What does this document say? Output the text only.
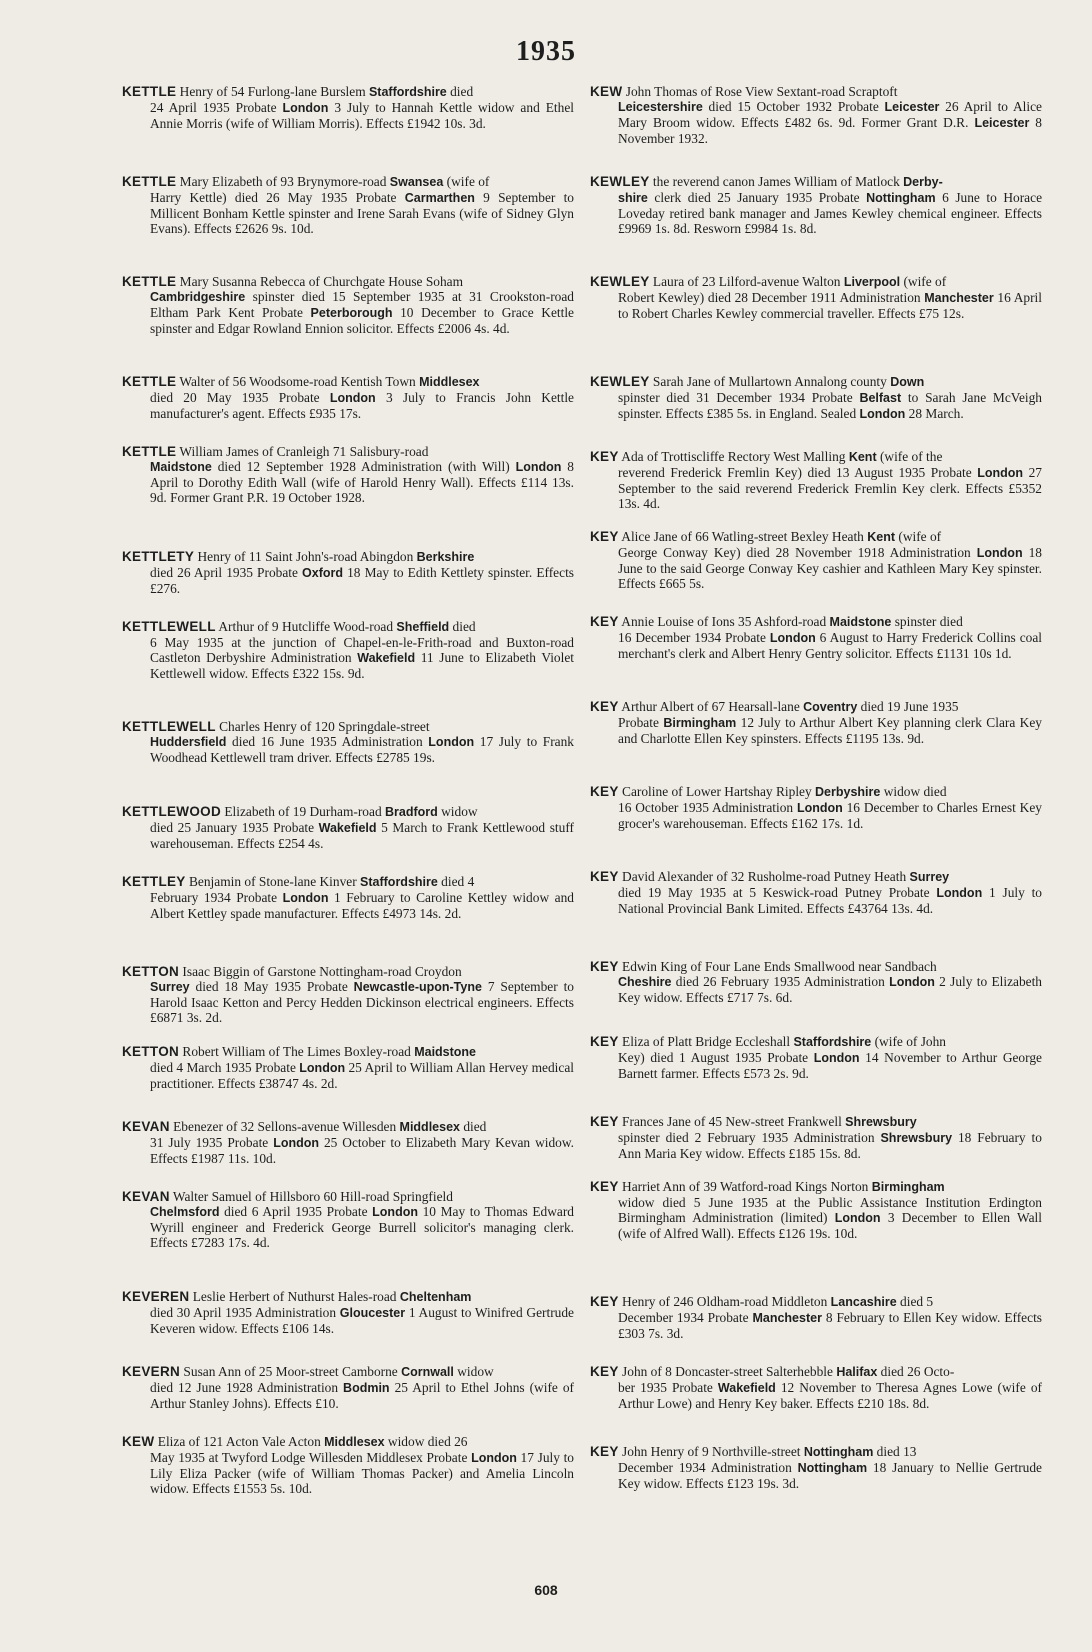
1935
KETTLE Henry of 54 Furlong-lane Burslem Staffordshire died
24 April 1935 Probate London 3 July to Hannah Kettle widow and Ethel Annie Morris (wife of William Morris). Effects £1942 10s. 3d.
KETTLE Mary Elizabeth of 93 Brynymore-road Swansea (wife of
Harry Kettle) died 26 May 1935 Probate Carmarthen 9 September to Millicent Bonham Kettle spinster and Irene Sarah Evans (wife of Sidney Glyn Evans). Effects £2626 9s. 10d.
KETTLE Mary Susanna Rebecca of Churchgate House Soham
Cambridgeshire spinster died 15 September 1935 at 31 Crookston-road Eltham Park Kent Probate Peterborough 10 December to Grace Kettle spinster and Edgar Rowland Ennion solicitor. Effects £2006 4s. 4d.
KETTLE Walter of 56 Woodsome-road Kentish Town Middlesex
died 20 May 1935 Probate London 3 July to Francis John Kettle manufacturer's agent. Effects £935 17s.
KETTLE William James of Cranleigh 71 Salisbury-road
Maidstone died 12 September 1928 Administration (with Will) London 8 April to Dorothy Edith Wall (wife of Harold Henry Wall). Effects £114 13s. 9d. Former Grant P.R. 19 October 1928.
KETTLETY Henry of 11 Saint John's-road Abingdon Berkshire
died 26 April 1935 Probate Oxford 18 May to Edith Kettlety spinster. Effects £276.
KETTLEWELL Arthur of 9 Hutcliffe Wood-road Sheffield died
6 May 1935 at the junction of Chapel-en-le-Frith-road and Buxton-road Castleton Derbyshire Administration Wakefield 11 June to Elizabeth Violet Kettlewell widow. Effects £322 15s. 9d.
KETTLEWELL Charles Henry of 120 Springdale-street
Huddersfield died 16 June 1935 Administration London 17 July to Frank Woodhead Kettlewell tram driver. Effects £2785 19s.
KETTLEWOOD Elizabeth of 19 Durham-road Bradford widow
died 25 January 1935 Probate Wakefield 5 March to Frank Kettlewood stuff warehouseman. Effects £254 4s.
KETTLEY Benjamin of Stone-lane Kinver Staffordshire died 4
February 1934 Probate London 1 February to Caroline Kettley widow and Albert Kettley spade manufacturer. Effects £4973 14s. 2d.
KETTON Isaac Biggin of Garstone Nottingham-road Croydon
Surrey died 18 May 1935 Probate Newcastle-upon-Tyne 7 September to Harold Isaac Ketton and Percy Hedden Dickinson electrical engineers. Effects £6871 3s. 2d.
KETTON Robert William of The Limes Boxley-road Maidstone
died 4 March 1935 Probate London 25 April to William Allan Hervey medical practitioner. Effects £38747 4s. 2d.
KEVAN Ebenezer of 32 Sellons-avenue Willesden Middlesex died
31 July 1935 Probate London 25 October to Elizabeth Mary Kevan widow. Effects £1987 11s. 10d.
KEVAN Walter Samuel of Hillsboro 60 Hill-road Springfield
Chelmsford died 6 April 1935 Probate London 10 May to Thomas Edward Wyrill engineer and Frederick George Burrell solicitor's managing clerk. Effects £7283 17s. 4d.
KEVEREN Leslie Herbert of Nuthurst Hales-road Cheltenham
died 30 April 1935 Administration Gloucester 1 August to Winifred Gertrude Keveren widow. Effects £106 14s.
KEVERN Susan Ann of 25 Moor-street Camborne Cornwall widow
died 12 June 1928 Administration Bodmin 25 April to Ethel Johns (wife of Arthur Stanley Johns). Effects £10.
KEW Eliza of 121 Acton Vale Acton Middlesex widow died 26
May 1935 at Twyford Lodge Willesden Middlesex Probate London 17 July to Lily Eliza Packer (wife of William Thomas Packer) and Amelia Lincoln widow. Effects £1553 5s. 10d.
KEW John Thomas of Rose View Sextant-road Scraptoft
Leicestershire died 15 October 1932 Probate Leicester 26 April to Alice Mary Broom widow. Effects £482 6s. 9d. Former Grant D.R. Leicester 8 November 1932.
KEWLEY the reverend canon James William of Matlock Derby-
shire clerk died 25 January 1935 Probate Nottingham 6 June to Horace Loveday retired bank manager and James Kewley chemical engineer. Effects £9969 1s. 8d. Resworn £9984 1s. 8d.
KEWLEY Laura of 23 Lilford-avenue Walton Liverpool (wife of
Robert Kewley) died 28 December 1911 Administration Manchester 16 April to Robert Charles Kewley commercial traveller. Effects £75 12s.
KEWLEY Sarah Jane of Mullartown Annalong county Down
spinster died 31 December 1934 Probate Belfast to Sarah Jane McVeigh spinster. Effects £385 5s. in England. Sealed London 28 March.
KEY Ada of Trottiscliffe Rectory West Malling Kent (wife of the
reverend Frederick Fremlin Key) died 13 August 1935 Probate London 27 September to the said reverend Frederick Fremlin Key clerk. Effects £5352 13s. 4d.
KEY Alice Jane of 66 Watling-street Bexley Heath Kent (wife of
George Conway Key) died 28 November 1918 Administration London 18 June to the said George Conway Key cashier and Kathleen Mary Key spinster. Effects £665 5s.
KEY Annie Louise of Ions 35 Ashford-road Maidstone spinster died
16 December 1934 Probate London 6 August to Harry Frederick Collins coal merchant's clerk and Albert Henry Gentry solicitor. Effects £1131 10s 1d.
KEY Arthur Albert of 67 Hearsall-lane Coventry died 19 June 1935
Probate Birmingham 12 July to Arthur Albert Key planning clerk Clara Key and Charlotte Ellen Key spinsters. Effects £1195 13s. 9d.
KEY Caroline of Lower Hartshay Ripley Derbyshire widow died
16 October 1935 Administration London 16 December to Charles Ernest Key grocer's warehouseman. Effects £162 17s. 1d.
KEY David Alexander of 32 Rusholme-road Putney Heath Surrey
died 19 May 1935 at 5 Keswick-road Putney Probate London 1 July to National Provincial Bank Limited. Effects £43764 13s. 4d.
KEY Edwin King of Four Lane Ends Smallwood near Sandbach
Cheshire died 26 February 1935 Administration London 2 July to Elizabeth Key widow. Effects £717 7s. 6d.
KEY Eliza of Platt Bridge Eccleshall Staffordshire (wife of John
Key) died 1 August 1935 Probate London 14 November to Arthur George Barnett farmer. Effects £573 2s. 9d.
KEY Frances Jane of 45 New-street Frankwell Shrewsbury
spinster died 2 February 1935 Administration Shrewsbury 18 February to Ann Maria Key widow. Effects £185 15s. 8d.
KEY Harriet Ann of 39 Watford-road Kings Norton Birmingham
widow died 5 June 1935 at the Public Assistance Institution Erdington Birmingham Administration (limited) London 3 December to Ellen Wall (wife of Alfred Wall). Effects £126 19s. 10d.
KEY Henry of 246 Oldham-road Middleton Lancashire died 5
December 1934 Probate Manchester 8 February to Ellen Key widow. Effects £303 7s. 3d.
KEY John of 8 Doncaster-street Salterhebble Halifax died 26 Octo-
ber 1935 Probate Wakefield 12 November to Theresa Agnes Lowe (wife of Arthur Lowe) and Henry Key baker. Effects £210 18s. 8d.
KEY John Henry of 9 Northville-street Nottingham died 13
December 1934 Administration Nottingham 18 January to Nellie Gertrude Key widow. Effects £123 19s. 3d.
608
